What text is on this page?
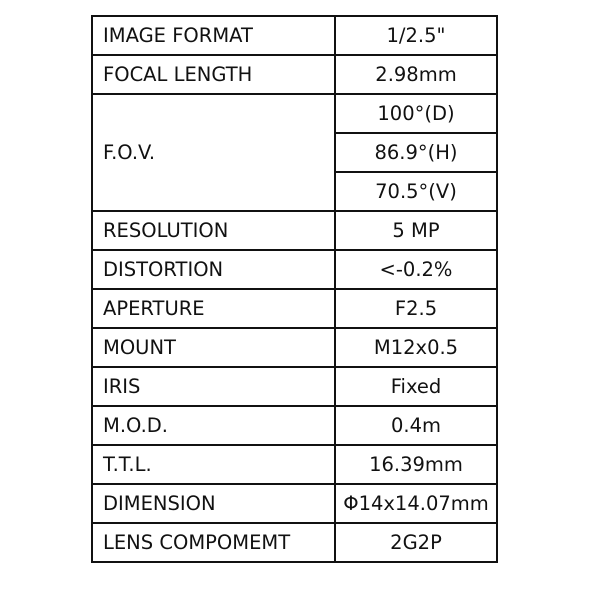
IMAGE FORMAT	1/2.5"
FOCAL LENGTH	2.98mm
F.O.V.	100°(D)
	86.9°(H)
	70.5°(V)
RESOLUTION	5 MP
DISTORTION	<-0.2%
APERTURE	F2.5
MOUNT	M12x0.5
IRIS	Fixed
M.O.D.	0.4m
T.T.L.	16.39mm
DIMENSION	Φ14x14.07mm
LENS COMPOMEMT	2G2P
